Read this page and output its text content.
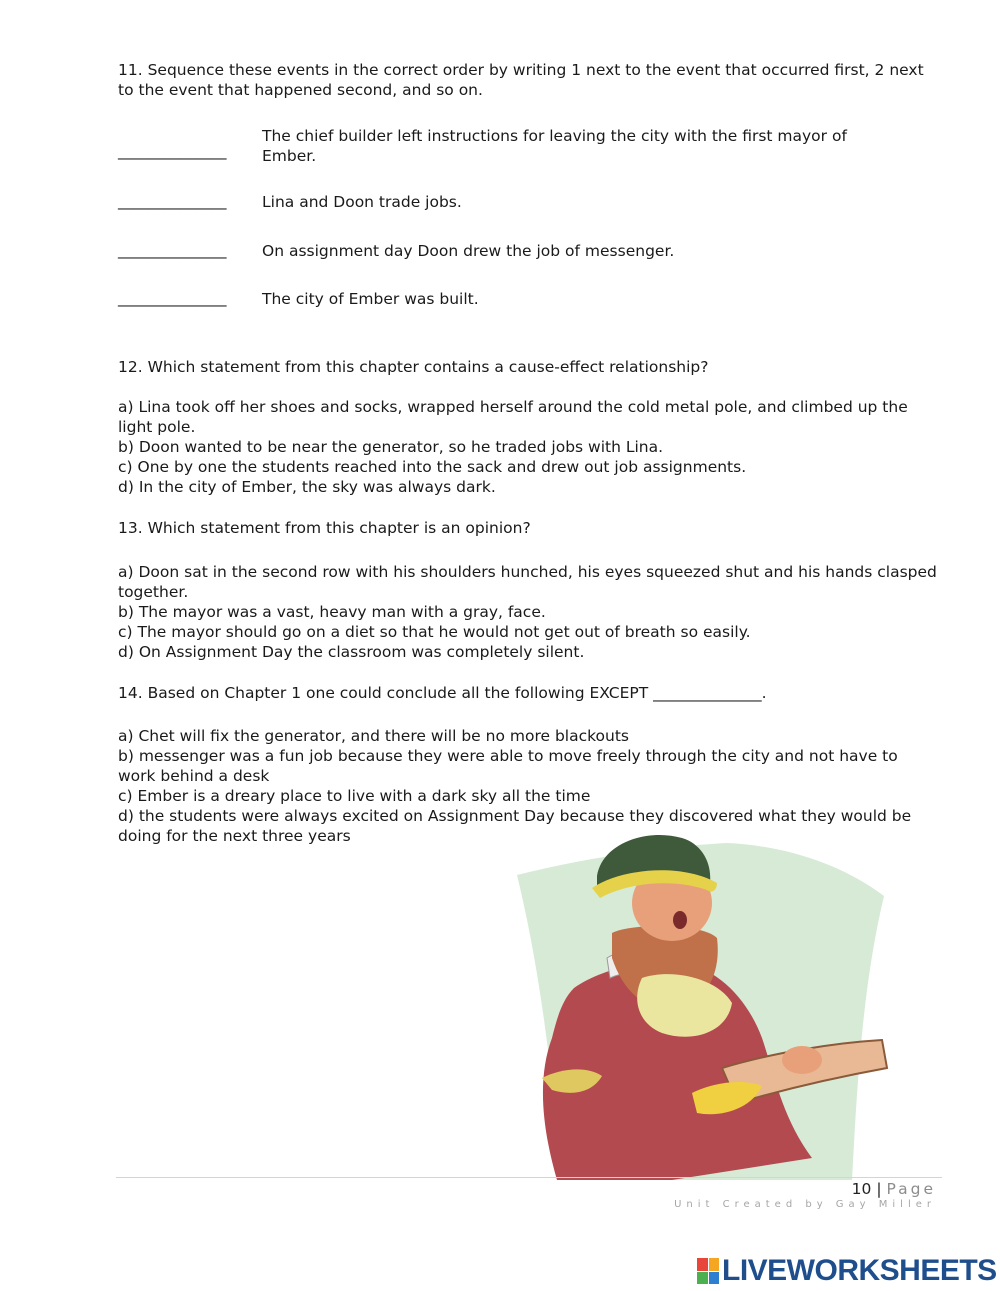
11. Sequence these events in the correct order by writing 1 next to the event that occurred first, 2 next to the event that happened second, and so on.
______________
The chief builder left instructions for leaving the city with the first mayor of Ember.
______________ Lina and Doon trade jobs.
______________ On assignment day Doon drew the job of messenger.
______________ The city of Ember was built.
12. Which statement from this chapter contains a cause-effect relationship?
a) Lina took off her shoes and socks, wrapped herself around the cold metal pole, and climbed up the light pole.
b) Doon wanted to be near the generator, so he traded jobs with Lina.
c) One by one the students reached into the sack and drew out job assignments.
d) In the city of Ember, the sky was always dark.
13. Which statement from this chapter is an opinion?
a) Doon sat in the second row with his shoulders hunched, his eyes squeezed shut and his hands clasped together.
b) The mayor was a vast, heavy man with a gray, face.
c) The mayor should go on a diet so that he would not get out of breath so easily.
d) On Assignment Day the classroom was completely silent.
14. Based on Chapter 1 one could conclude all the following EXCEPT ______________.
a) Chet will fix the generator, and there will be no more blackouts
b) messenger was a fun job because they were able to move freely through the city and not have to work behind a desk
c) Ember is a dreary place to live with a dark sky all the time
d) the students were always excited on Assignment Day because they discovered what they would be doing for the next three years
10 | Page
Unit Created by Gay Miller
LIVEWORKSHEETS
